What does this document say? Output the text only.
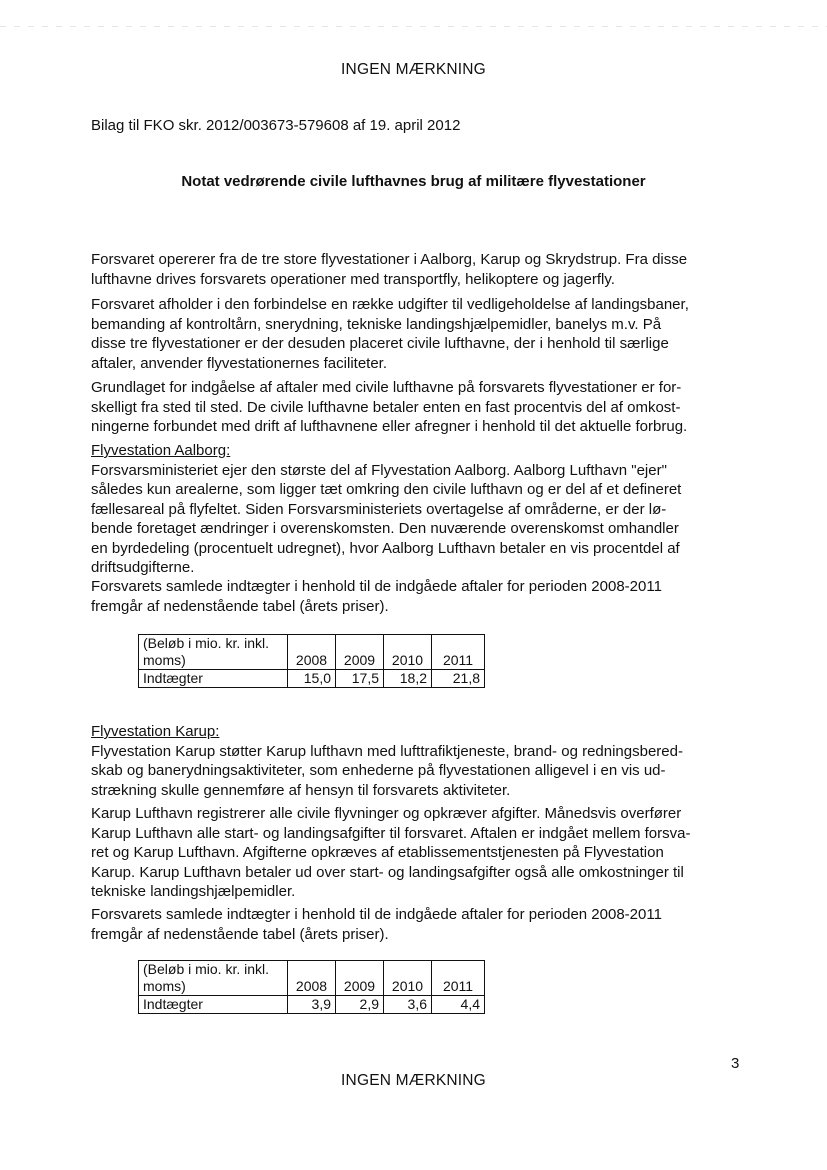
INGEN MÆRKNING
Bilag til FKO skr. 2012/003673-579608 af 19. april 2012
Notat vedrørende civile lufthavnes brug af militære flyvestationer
Forsvaret opererer fra de tre store flyvestationer i Aalborg, Karup og Skrydstrup. Fra disse
lufthavne drives forsvarets operationer med transportfly, helikoptere og jagerfly.
Forsvaret afholder i den forbindelse en række udgifter til vedligeholdelse af landingsbaner,
bemanding af kontroltårn, snerydning, tekniske landingshjælpemidler, banelys m.v. På
disse tre flyvestationer er der desuden placeret civile lufthavne, der i henhold til særlige
aftaler, anvender flyvestationernes faciliteter.
Grundlaget for indgåelse af aftaler med civile lufthavne på forsvarets flyvestationer er for-
skelligt fra sted til sted. De civile lufthavne betaler enten en fast procentvis del af omkost-
ningerne forbundet med drift af lufthavnene eller afregner i henhold til det aktuelle forbrug.
Flyvestation Aalborg:
Forsvarsministeriet ejer den største del af Flyvestation Aalborg. Aalborg Lufthavn "ejer"
således kun arealerne, som ligger tæt omkring den civile lufthavn og er del af et defineret
fællesareal på flyfeltet. Siden Forsvarsministeriets overtagelse af områderne, er der lø-
bende foretaget ændringer i overenskomsten. Den nuværende overenskomst omhandler
en byrdedeling (procentuelt udregnet), hvor Aalborg Lufthavn betaler en vis procentdel af
driftsudgifterne.
Forsvarets samlede indtægter i henhold til de indgåede aftaler for perioden 2008-2011
fremgår af nedenstående tabel (årets priser).
(Beløb i mio. kr. inkl.
moms)	2008	2009	2010	2011
Indtægter	15,0	17,5	18,2	21,8
Flyvestation Karup:
Flyvestation Karup støtter Karup lufthavn med lufttrafiktjeneste, brand- og redningsbered-
skab og banerydningsaktiviteter, som enhederne på flyvestationen alligevel i en vis ud-
strækning skulle gennemføre af hensyn til forsvarets aktiviteter.
Karup Lufthavn registrerer alle civile flyvninger og opkræver afgifter. Månedsvis overfører
Karup Lufthavn alle start- og landingsafgifter til forsvaret. Aftalen er indgået mellem forsva-
ret og Karup Lufthavn. Afgifterne opkræves af etablissementstjenesten på Flyvestation
Karup. Karup Lufthavn betaler ud over start- og landingsafgifter også alle omkostninger til
tekniske landingshjælpemidler.
Forsvarets samlede indtægter i henhold til de indgåede aftaler for perioden 2008-2011
fremgår af nedenstående tabel (årets priser).
(Beløb i mio. kr. inkl.
moms)	2008	2009	2010	2011
Indtægter	3,9	2,9	3,6	4,4
3
INGEN MÆRKNING
